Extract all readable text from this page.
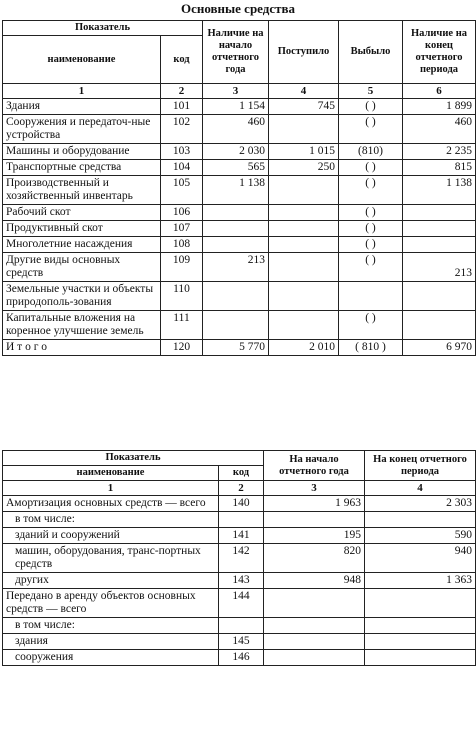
Основные средства
Показатель		Наличие на начало отчетного года	Поступило	Выбыло	Наличие на конец отчетного периода
наименование	код				
1	2	3	4	5	6
Здания	101	1 154	745	( )	1 899
Сооружения и передаточ-ные устройства	102	460		( )	460
Машины и оборудование	103	2 030	1 015	(810)	2 235
Транспортные средства	104	565	250	( )	815
Производственный и хозяйственный инвентарь	105	1 138		( )	1 138
Рабочий скот	106			( )	
Продуктивный скот	107			( )	
Многолетние насаждения	108			( )	
Другие виды основных средств	109	213		( )	213
Земельные участки и объекты природополь-зования	110				
Капитальные вложения на коренное улучшение земель	111			( )	
И т о г о	120	5 770	2 010	( 810 )	6 970
Показатель		На начало отчетного года	На конец отчетного периода
наименование	код		
1	2	3	4
Амортизация основных средств — всего	140	1 963	2 303
в том числе:			
зданий и сооружений	141	195	590
машин, оборудования, транс-портных средств	142	820	940
других	143	948	1 363
Передано в аренду объектов основных средств — всего	144		
в том числе:			
здания	145		
сооружения	146		
